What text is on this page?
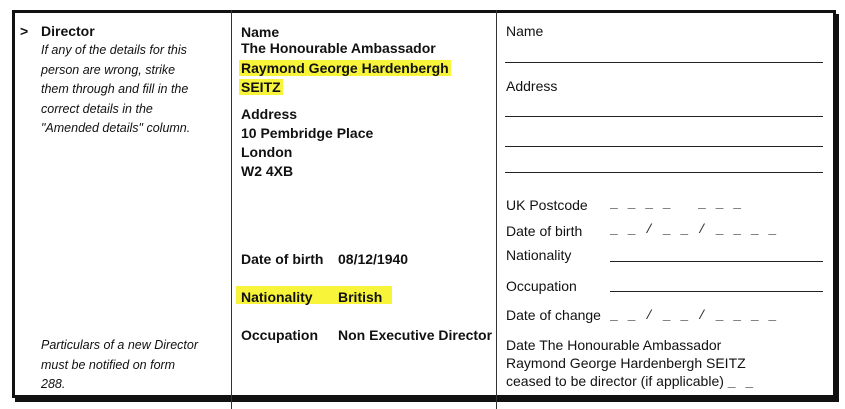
> Director
If any of the details for this
person are wrong, strike
them through and fill in the
correct details in the
"Amended details" column.
Particulars of a new Director
must be notified on form
288.
Name
The Honourable Ambassador
Raymond George Hardenbergh
SEITZ
Address
10 Pembridge Place
London
W2 4XB
Date of birth 08/12/1940
Nationality British
Occupation Non Executive Director
Name
Address
UK Postcode _ _ _ _   _ _ _
Date of birth _ _ / _ _ / _ _ _ _
Nationality
Occupation
Date of change _ _ / _ _ / _ _ _ _
Date The Honourable Ambassador
Raymond George Hardenbergh SEITZ
ceased to be director (if applicable) _ _
